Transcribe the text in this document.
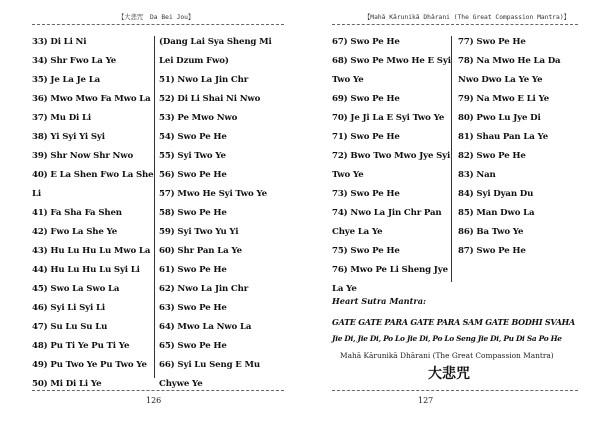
【大悲咒 Da Bei Jou】
33) Di Li Ni
34) Shr Fwo La Ye
35) Je La Je La
36) Mwo Mwo Fa Mwo La
37) Mu Di Li
38) Yi Syi Yi Syi
39) Shr Now Shr Nwo
40) E La Shen Fwo La She
Li
41) Fa Sha Fa Shen
42) Fwo La She Ye
43) Hu Lu Hu Lu Mwo La
44) Hu Lu Hu Lu Syi Li
45) Swo La Swo La
46) Syi Li Syi Li
47) Su Lu Su Lu
48) Pu Ti Ye Pu Ti Ye
49) Pu Two Ye Pu Two Ye
50) Mi Di Li Ye
(Dang Lai Sya Sheng Mi
Lei Dzum Fwo)
51) Nwo La Jin Chr
52) Di Li Shai Ni Nwo
53) Pe Mwo Nwo
54) Swo Pe He
55) Syi Two Ye
56) Swo Pe He
57) Mwo He Syi Two Ye
58) Swo Pe He
59) Syi Two Yu Yi
60) Shr Pan La Ye
61) Swo Pe He
62) Nwo La Jin Chr
63) Swo Pe He
64) Mwo La Nwo La
65) Swo Pe He
66) Syi Lu Seng E Mu
Chywe Ye
126
【Mahā Kārunikā Dhārani (The Great Compassion Mantra)】
67) Swo Pe He
68) Swo Pe Mwo He E Syi
Two Ye
69) Swo Pe He
70) Je Ji La E Syi Two Ye
71) Swo Pe He
72) Bwo Two Mwo Jye Syi
Two Ye
73) Swo Pe He
74) Nwo La Jin Chr Pan
Chye La Ye
75) Swo Pe He
76) Mwo Pe Li Sheng Jye
La Ye
77) Swo Pe He
78) Na Mwo He La Da
Nwo Dwo La Ye Ye
79) Na Mwo E Li Ye
80) Pwo Lu Jye Di
81) Shau Pan La Ye
82) Swo Pe He
83) Nan
84) Syi Dyan Du
85) Man Dwo La
86) Ba Two Ye
87) Swo Pe He
Heart Sutra Mantra:
GATE GATE PARA GATE PARA SAM GATE BODHI SVAHA
Jie Di, Jie Di, Po Lo Jie Di, Po Lo Seng Jie Di, Pu Di Sa Po He
Mahā Kārunikā Dhārani (The Great Compassion Mantra)
大悲咒
127
